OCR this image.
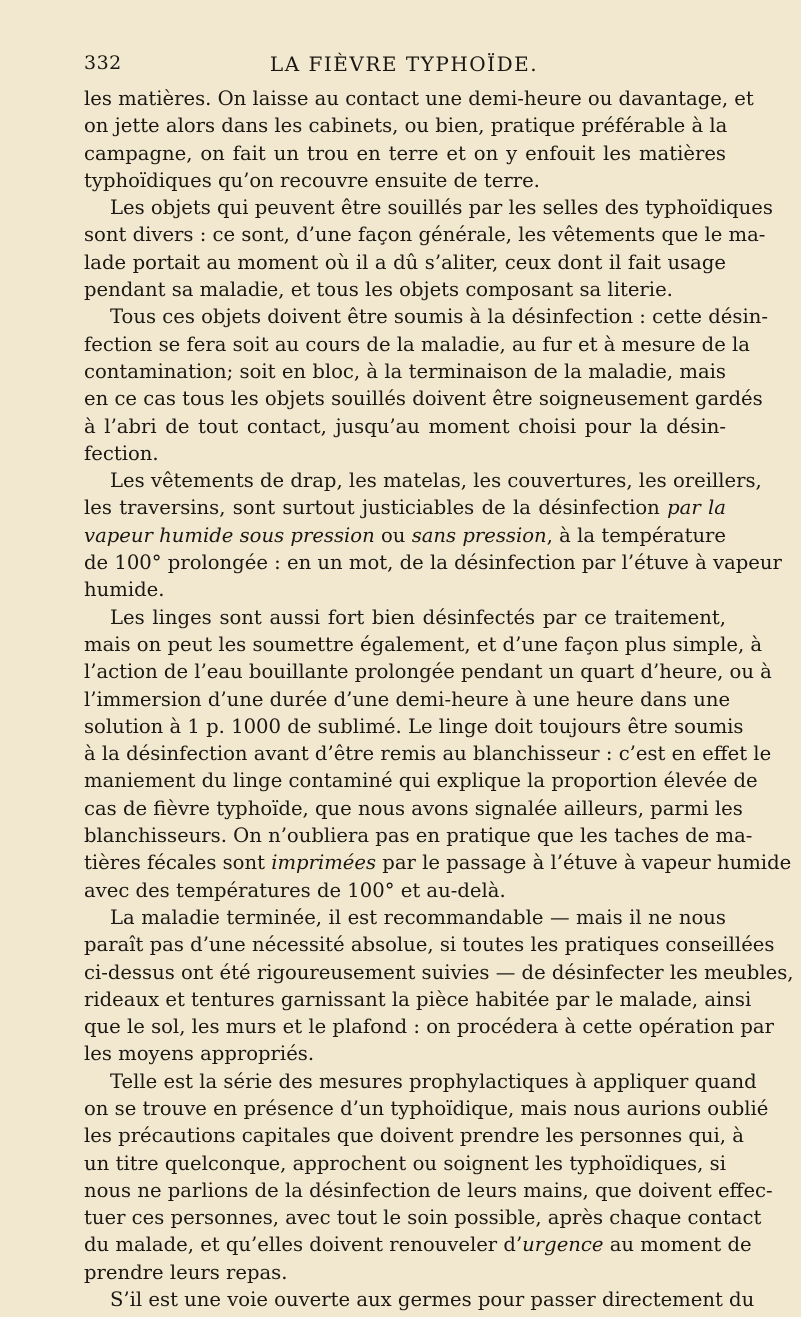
332	LA FIÈVRE TYPHOÏDE.
les matières. On laisse au contact une demi-heure ou davantage, et
on jette alors dans les cabinets, ou bien, pratique préférable à la
campagne, on fait un trou en terre et on y enfouit les matières
typhoïdiques qu’on recouvre ensuite de terre.
Les objets qui peuvent être souillés par les selles des typhoïdiques
sont divers : ce sont, d’une façon générale, les vêtements que le ma-
lade portait au moment où il a dû s’aliter, ceux dont il fait usage
pendant sa maladie, et tous les objets composant sa literie.
Tous ces objets doivent être soumis à la désinfection : cette désin-
fection se fera soit au cours de la maladie, au fur et à mesure de la
contamination; soit en bloc, à la terminaison de la maladie, mais
en ce cas tous les objets souillés doivent être soigneusement gardés
à l’abri de tout contact, jusqu’au moment choisi pour la désin-
fection.
Les vêtements de drap, les matelas, les couvertures, les oreillers,
les traversins, sont surtout justiciables de la désinfection par la
vapeur humide sous pression ou sans pression, à la température
de 100° prolongée : en un mot, de la désinfection par l’étuve à vapeur
humide.
Les linges sont aussi fort bien désinfectés par ce traitement,
mais on peut les soumettre également, et d’une façon plus simple, à
l’action de l’eau bouillante prolongée pendant un quart d’heure, ou à
l’immersion d’une durée d’une demi-heure à une heure dans une
solution à 1 p. 1000 de sublimé. Le linge doit toujours être soumis
à la désinfection avant d’être remis au blanchisseur : c’est en effet le
maniement du linge contaminé qui explique la proportion élevée de
cas de fièvre typhoïde, que nous avons signalée ailleurs, parmi les
blanchisseurs. On n’oubliera pas en pratique que les taches de ma-
tières fécales sont imprimées par le passage à l’étuve à vapeur humide
avec des températures de 100° et au-delà.
La maladie terminée, il est recommandable — mais il ne nous
paraît pas d’une nécessité absolue, si toutes les pratiques conseillées
ci-dessus ont été rigoureusement suivies — de désinfecter les meubles,
rideaux et tentures garnissant la pièce habitée par le malade, ainsi
que le sol, les murs et le plafond : on procédera à cette opération par
les moyens appropriés.
Telle est la série des mesures prophylactiques à appliquer quand
on se trouve en présence d’un typhoïdique, mais nous aurions oublié
les précautions capitales que doivent prendre les personnes qui, à
un titre quelconque, approchent ou soignent les typhoïdiques, si
nous ne parlions de la désinfection de leurs mains, que doivent effec-
tuer ces personnes, avec tout le soin possible, après chaque contact
du malade, et qu’elles doivent renouveler d’urgence au moment de
prendre leurs repas.
S’il est une voie ouverte aux germes pour passer directement du
